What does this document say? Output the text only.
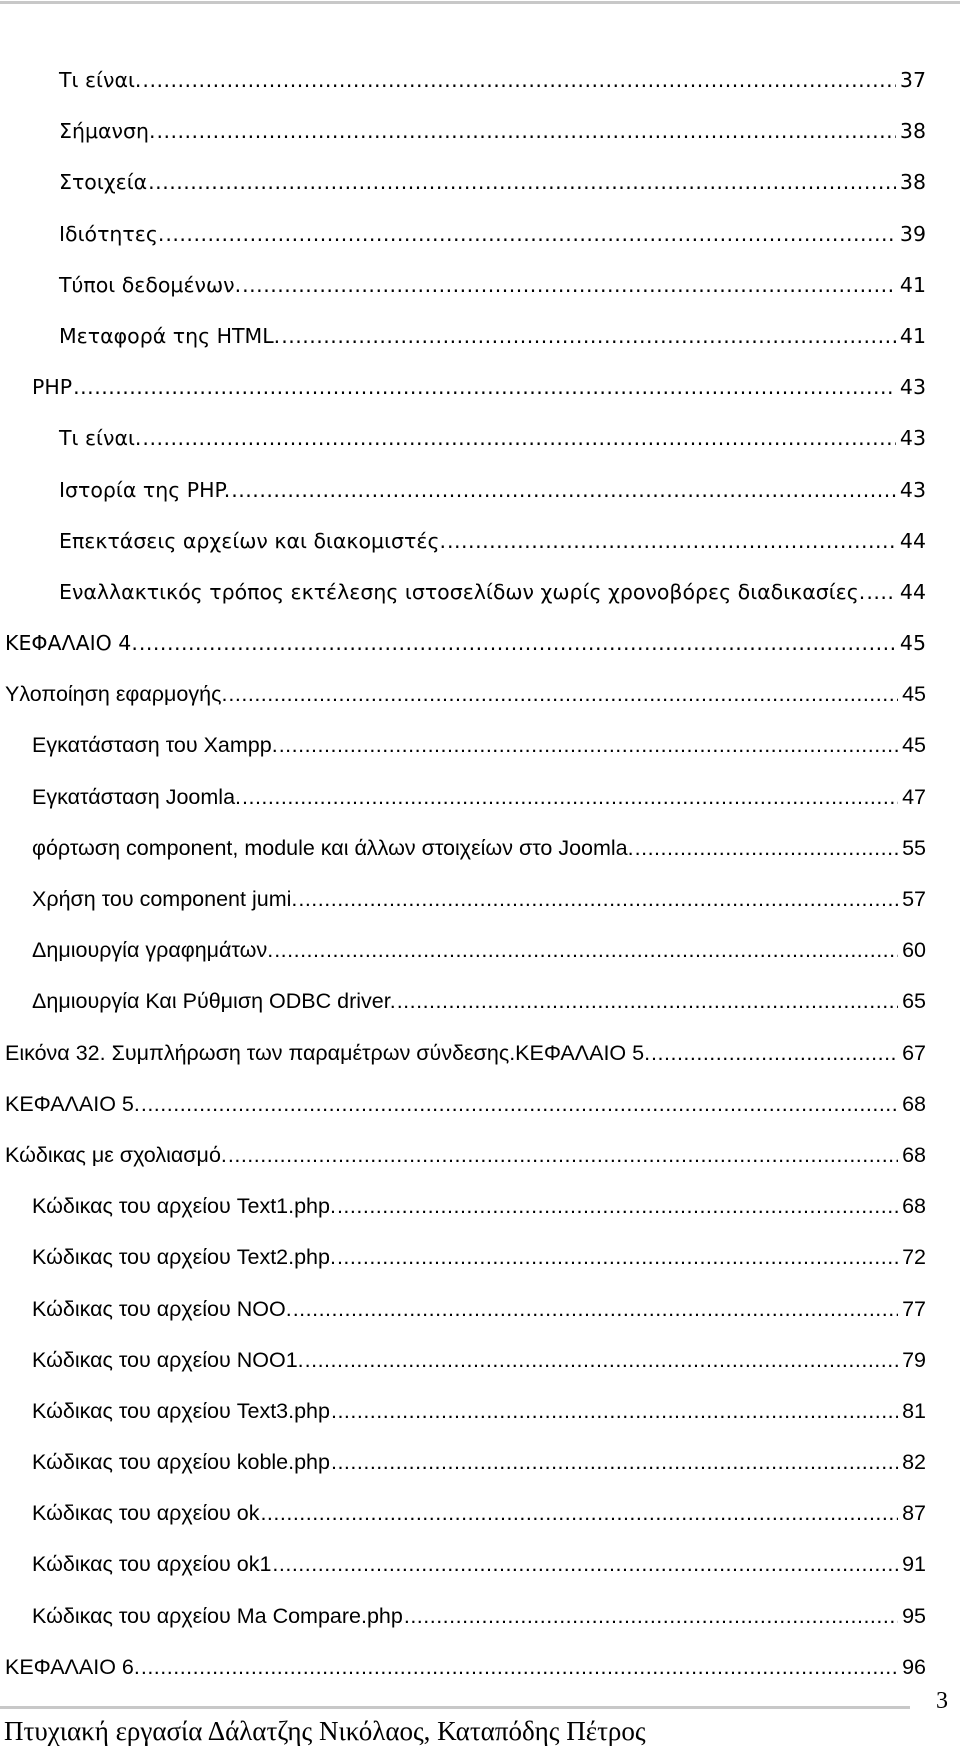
Τι είναι. .....	37
Σήμανση. .....	38
Στοιχεία .....	38
Ιδιότητες. .....	39
Τύποι δεδομένων. .....	41
Μεταφορά της HTML. .....	41
PHP .....	43
Τι είναι. .....	43
Ιστορία της PHP. .....	43
Επεκτάσεις αρχείων και διακομιστές. .....	44
Εναλλακτικός τρόπος εκτέλεσης ιστοσελίδων χωρίς χρονοβόρες διαδικασίες. ..... 44
ΚΕΦΑΛΑΙΟ 4. .....	45
Υλοποίηση εφαρμογής. .....	45
Εγκατάσταση του Xampp. .....	45
Εγκατάσταση Joomla. .....	47
φόρτωση component, module και άλλων στοιχείων στο Joomla. .....	55
Χρήση του component jumi. .....	57
Δημιουργία γραφημάτων. .....	60
Δημιουργία Και Ρύθμιση ODBC driver. .....	65
Εικόνα 32. Συμπλήρωση των παραμέτρων σύνδεσης.ΚΕΦΑΛΑΙΟ 5. .....	67
ΚΕΦΑΛΑΙΟ 5. .....	68
Κώδικας με σχολιασμό. .....	68
Κώδικας του αρχείου Text1.php. .....	68
Κώδικας του αρχείου Text2.php. .....	72
Κώδικας του αρχείου NOO. .....	77
Κώδικας του αρχείου NOO1. .....	79
Κώδικας του αρχείου Text3.php .....	81
Κώδικας του αρχείου koble.php .....	82
Κώδικας του αρχείου ok .....	87
Κώδικας του αρχείου ok1 .....	91
Κώδικας του αρχείου Ma Compare.php .....	95
ΚΕΦΑΛΑΙΟ 6. .....	96
3
Πτυχιακή εργασία Δάλατζης Νικόλαος, Καταπόδης Πέτρος
